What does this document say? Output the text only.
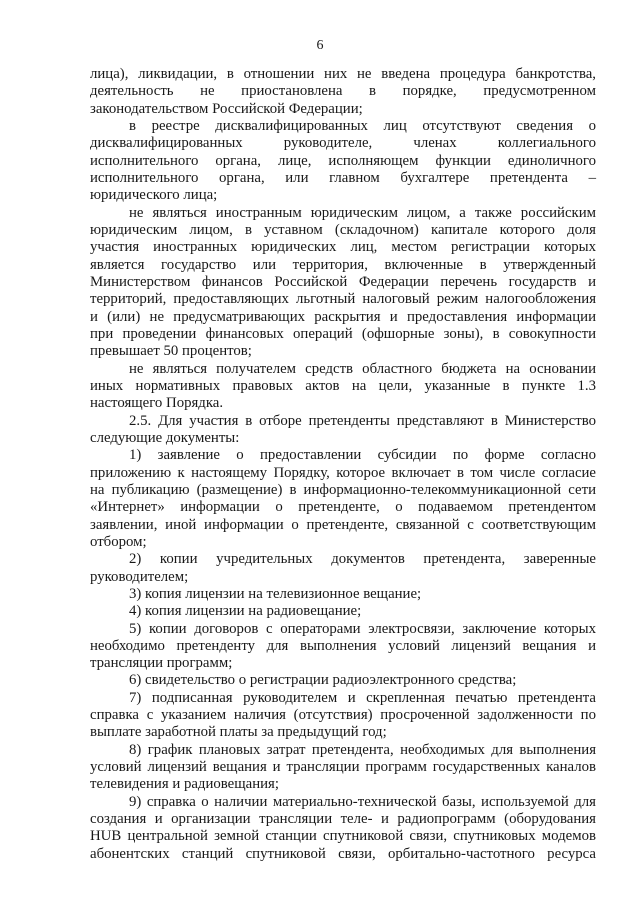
6
лица), ликвидации, в отношении них не введена процедура банкротства,
деятельность не приостановлена в порядке, предусмотренном
законодательством Российской Федерации;
в реестре дисквалифицированных лиц отсутствуют сведения о
дисквалифицированных руководителе, членах коллегиального
исполнительного органа, лице, исполняющем функции единоличного
исполнительного органа, или главном бухгалтере претендента –
юридического лица;
не являться иностранным юридическим лицом, а также российским
юридическим лицом, в уставном (складочном) капитале которого доля
участия иностранных юридических лиц, местом регистрации которых
является государство или территория, включенные в утвержденный
Министерством финансов Российской Федерации перечень государств и
территорий, предоставляющих льготный налоговый режим налогообложения
и (или) не предусматривающих раскрытия и предоставления информации
при проведении финансовых операций (офшорные зоны), в совокупности
превышает 50 процентов;
не являться получателем средств областного бюджета на основании
иных нормативных правовых актов на цели, указанные в пункте 1.3
настоящего Порядка.
2.5. Для участия в отборе претенденты представляют в Министерство
следующие документы:
1) заявление о предоставлении субсидии по форме согласно
приложению к настоящему Порядку, которое включает в том числе согласие
на публикацию (размещение) в информационно-телекоммуникационной сети
«Интернет» информации о претенденте, о подаваемом претендентом
заявлении, иной информации о претенденте, связанной с соответствующим
отбором;
2) копии учредительных документов претендента, заверенные
руководителем;
3) копия лицензии на телевизионное вещание;
4) копия лицензии на радиовещание;
5) копии договоров с операторами электросвязи, заключение которых
необходимо претенденту для выполнения условий лицензий вещания и
трансляции программ;
6) свидетельство о регистрации радиоэлектронного средства;
7) подписанная руководителем и скрепленная печатью претендента
справка с указанием наличия (отсутствия) просроченной задолженности по
выплате заработной платы за предыдущий год;
8) график плановых затрат претендента, необходимых для выполнения
условий лицензий вещания и трансляции программ государственных каналов
телевидения и радиовещания;
9) справка о наличии материально-технической базы, используемой для
создания и организации трансляции теле- и радиопрограмм (оборудования
HUB центральной земной станции спутниковой связи, спутниковых модемов
абонентских станций спутниковой связи, орбитально-частотного ресурса
